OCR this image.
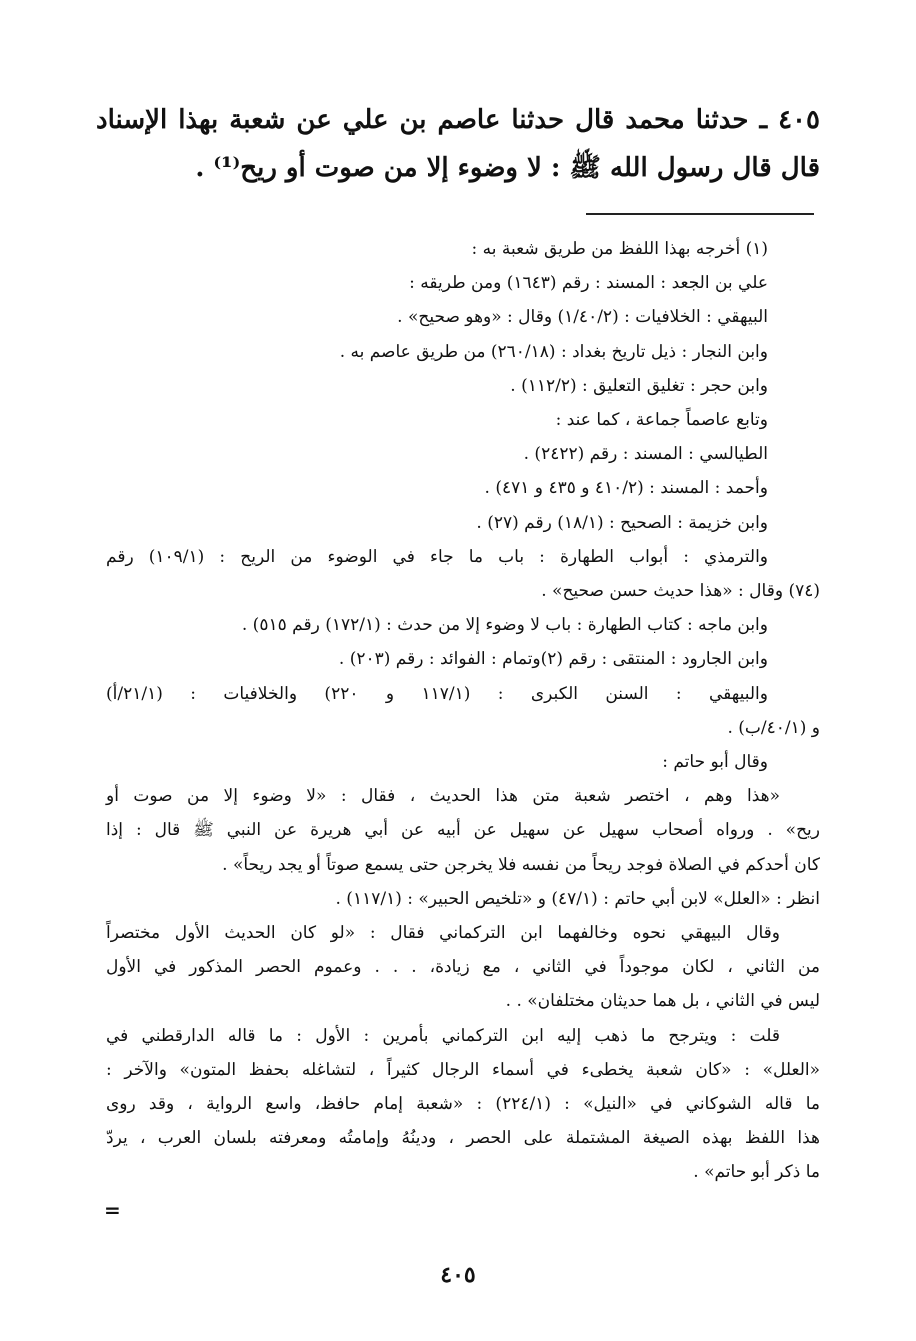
٤٠٥ ـ حدثنا محمد قال حدثنا عاصم بن علي عن شعبة بهذا الإسناد
قال قال رسول الله ﷺ : لا وضوء إلا من صوت أو ريح⁽¹⁾ .
(١) أخرجه بهذا اللفظ من طريق شعبة به :
علي بن الجعد : المسند : رقم (١٦٤٣) ومن طريقه :
البيهقي : الخلافيات : (١/٤٠/٢) وقال : «وهو صحيح» .
وابن النجار : ذيل تاريخ بغداد : (٢٦٠/١٨) من طريق عاصم به .
وابن حجر : تغليق التعليق : (١١٢/٢) .
وتابع عاصماً جماعة ، كما عند :
الطيالسي : المسند : رقم (٢٤٢٢) .
وأحمد : المسند : (٤١٠/٢ و ٤٣٥ و ٤٧١) .
وابن خزيمة : الصحيح : (١٨/١) رقم (٢٧) .
والترمذي : أبواب الطهارة : باب ما جاء في الوضوء من الريح : (١٠٩/١) رقم
(٧٤) وقال : «هذا حديث حسن صحيح» .
وابن ماجه : كتاب الطهارة : باب لا وضوء إلا من حدث : (١٧٢/١) رقم ٥١٥) .
وابن الجارود : المنتقى : رقم (٢)وتمام : الفوائد : رقم (٢٠٣) .
والبيهقي : السنن الكبرى : (١١٧/١ و ٢٢٠) والخلافيات : (٢١/١/أ)
و (٤٠/١/ب) .
وقال أبو حاتم :
«هذا وهم ، اختصر شعبة متن هذا الحديث ، فقال : «لا وضوء إلا من صوت أو
ريح» . ورواه أصحاب سهيل عن سهيل عن أبيه عن أبي هريرة عن النبي ﷺ قال : إذا
كان أحدكم في الصلاة فوجد ريحاً من نفسه فلا يخرجن حتى يسمع صوتاً أو يجد ريحاً» .
انظر : «العلل» لابن أبي حاتم : (٤٧/١) و «تلخيص الحبير» : (١١٧/١) .
وقال البيهقي نحوه وخالفهما ابن التركماني فقال : «لو كان الحديث الأول مختصراً
من الثاني ، لكان موجوداً في الثاني ، مع زيادة، . . . وعموم الحصر المذكور في الأول
ليس في الثاني ، بل هما حديثان مختلفان» . .
قلت : ويترجح ما ذهب إليه ابن التركماني بأمرين : الأول : ما قاله الدارقطني في
«العلل» : «كان شعبة يخطىء في أسماء الرجال كثيراً ، لتشاغله بحفظ المتون» والآخر :
ما قاله الشوكاني في «النيل» : (٢٢٤/١) : «شعبة إمام حافظ، واسع الرواية ، وقد روى
هذا اللفظ بهذه الصيغة المشتملة على الحصر ، ودينُهُ وإمامتُه ومعرفته بلسان العرب ، يردّ
ما ذكر أبو حاتم» .
=
٤٠٥
